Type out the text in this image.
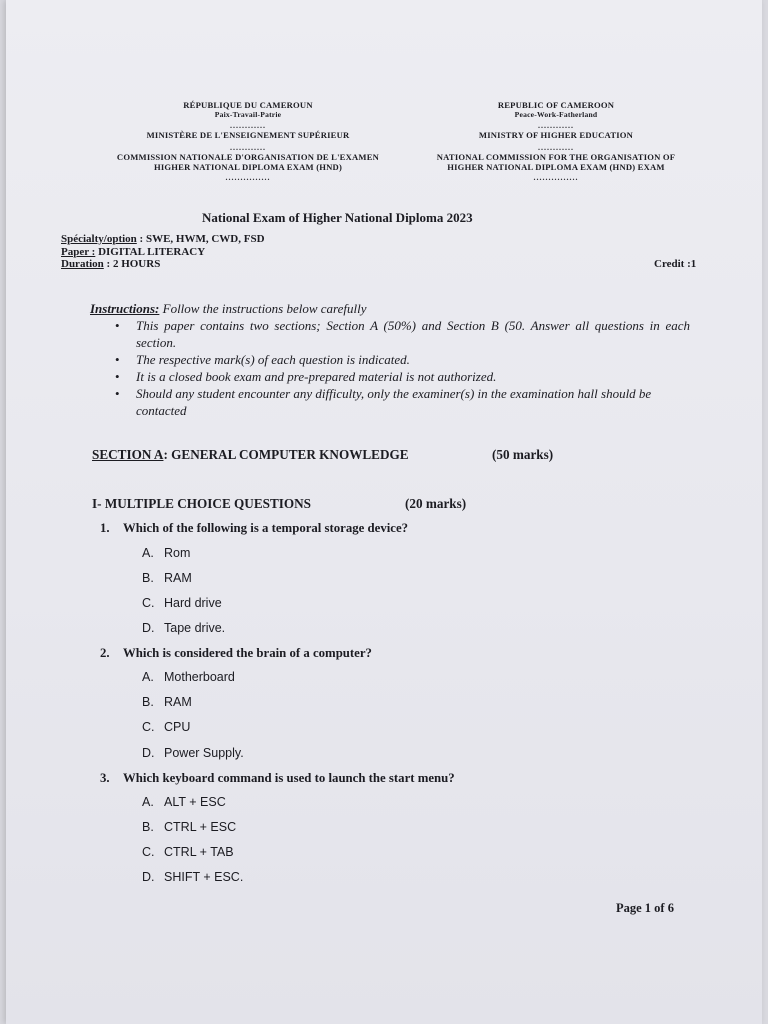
RÉPUBLIQUE DU CAMEROUN
Paix-Travail-Patrie
............
MINISTÈRE DE L'ENSEIGNEMENT SUPÉRIEUR
............
COMMISSION NATIONALE D'ORGANISATION DE L'EXAMEN
HIGHER NATIONAL DIPLOMA EXAM (HND)
...............
REPUBLIC OF CAMEROON
Peace-Work-Fatherland
............
MINISTRY OF HIGHER EDUCATION
............
NATIONAL COMMISSION FOR THE ORGANISATION OF
HIGHER NATIONAL DIPLOMA EXAM (HND) EXAM
...............
National Exam of Higher National Diploma 2023
Spécialty/option : SWE, HWM, CWD, FSD
Paper : DIGITAL LITERACY
Duration : 2 HOURS	Credit :1
Instructions: Follow the instructions below carefully
• This paper contains two sections; Section A (50%) and Section B (50. Answer all questions in each section.
• The respective mark(s) of each question is indicated.
• It is a closed book exam and pre-prepared material is not authorized.
• Should any student encounter any difficulty, only the examiner(s) in the examination hall should be contacted
SECTION A: GENERAL COMPUTER KNOWLEDGE	(50 marks)
I- MULTIPLE CHOICE QUESTIONS	(20 marks)
1. Which of the following is a temporal storage device?
A. Rom
B. RAM
C. Hard drive
D. Tape drive.
2. Which is considered the brain of a computer?
A. Motherboard
B. RAM
C. CPU
D. Power Supply.
3. Which keyboard command is used to launch the start menu?
A. ALT + ESC
B. CTRL + ESC
C. CTRL + TAB
D. SHIFT + ESC.
Page 1 of 6
